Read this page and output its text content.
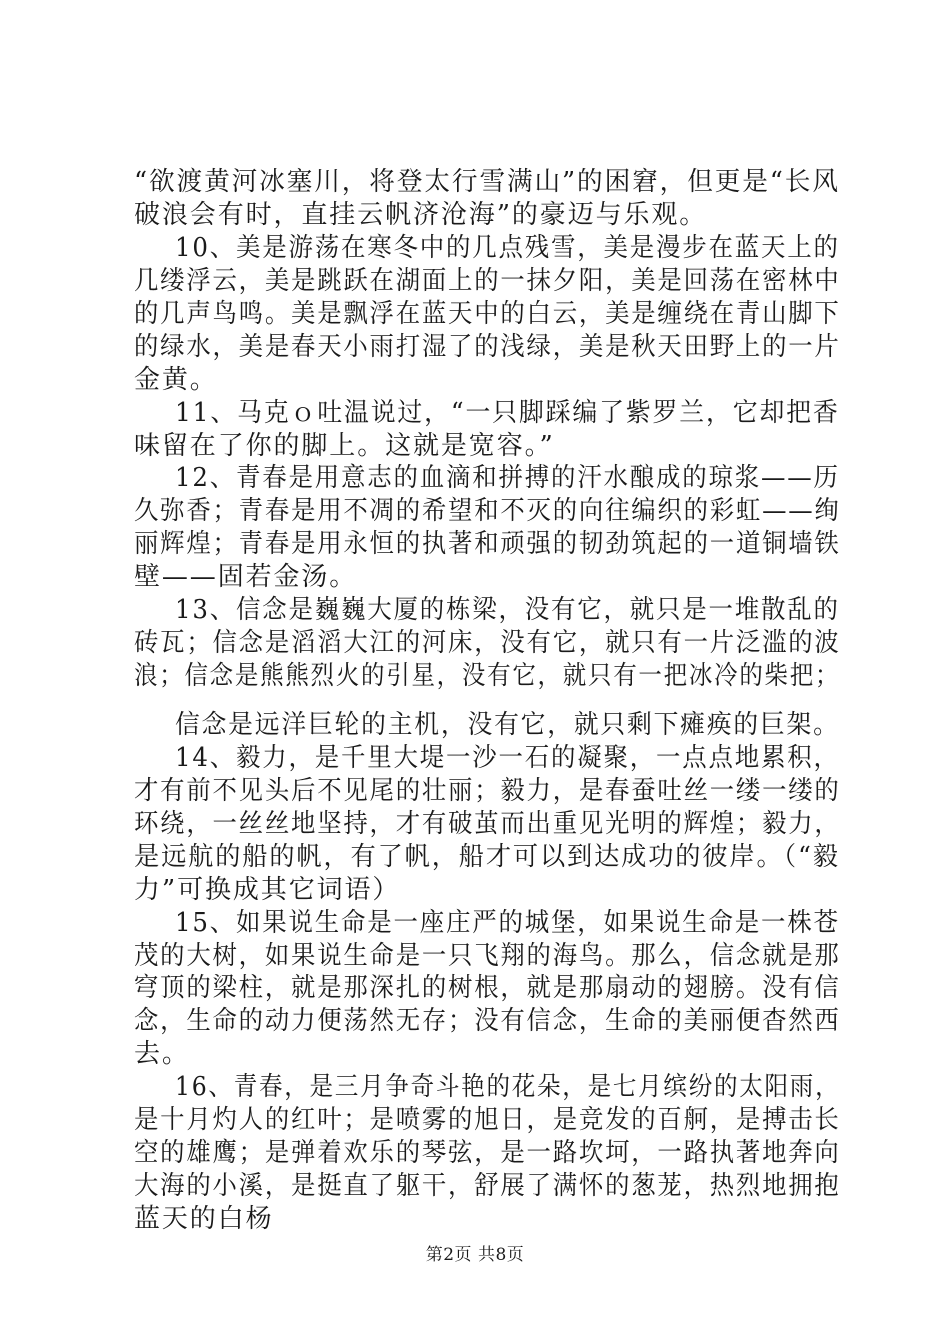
“欲渡黄河冰塞川，将登太行雪满山”的困窘，但更是“长风
破浪会有时，直挂云帆济沧海”的豪迈与乐观。
10、美是游荡在寒冬中的几点残雪，美是漫步在蓝天上的
几缕浮云，美是跳跃在湖面上的一抹夕阳，美是回荡在密林中
的几声鸟鸣。美是飘浮在蓝天中的白云，美是缠绕在青山脚下
的绿水，美是春天小雨打湿了的浅绿，美是秋天田野上的一片
金黄。
11、马克ｏ吐温说过，“一只脚踩编了紫罗兰，它却把香
味留在了你的脚上。这就是宽容。”
12、青春是用意志的血滴和拼搏的汗水酿成的琼浆——历
久弥香；青春是用不凋的希望和不灭的向往编织的彩虹——绚
丽辉煌；青春是用永恒的执著和顽强的韧劲筑起的一道铜墙铁
壁——固若金汤。
13、信念是巍巍大厦的栋梁，没有它，就只是一堆散乱的
砖瓦；信念是滔滔大江的河床，没有它，就只有一片泛滥的波
浪；信念是熊熊烈火的引星，没有它，就只有一把冰冷的柴把；
信念是远洋巨轮的主机，没有它，就只剩下瘫痪的巨架。
14、毅力，是千里大堤一沙一石的凝聚，一点点地累积，
才有前不见头后不见尾的壮丽；毅力，是春蚕吐丝一缕一缕的
环绕，一丝丝地坚持，才有破茧而出重见光明的辉煌；毅力，
是远航的船的帆，有了帆，船才可以到达成功的彼岸。（“毅
力”可换成其它词语）
15、如果说生命是一座庄严的城堡，如果说生命是一株苍
茂的大树，如果说生命是一只飞翔的海鸟。那么，信念就是那
穹顶的梁柱，就是那深扎的树根，就是那扇动的翅膀。没有信
念，生命的动力便荡然无存；没有信念，生命的美丽便杳然西
去。
16、青春，是三月争奇斗艳的花朵，是七月缤纷的太阳雨，
是十月灼人的红叶；是喷雾的旭日，是竞发的百舸，是搏击长
空的雄鹰；是弹着欢乐的琴弦，是一路坎坷，一路执著地奔向
大海的小溪，是挺直了躯干，舒展了满怀的葱茏，热烈地拥抱
蓝天的白杨
第2页 共8页
